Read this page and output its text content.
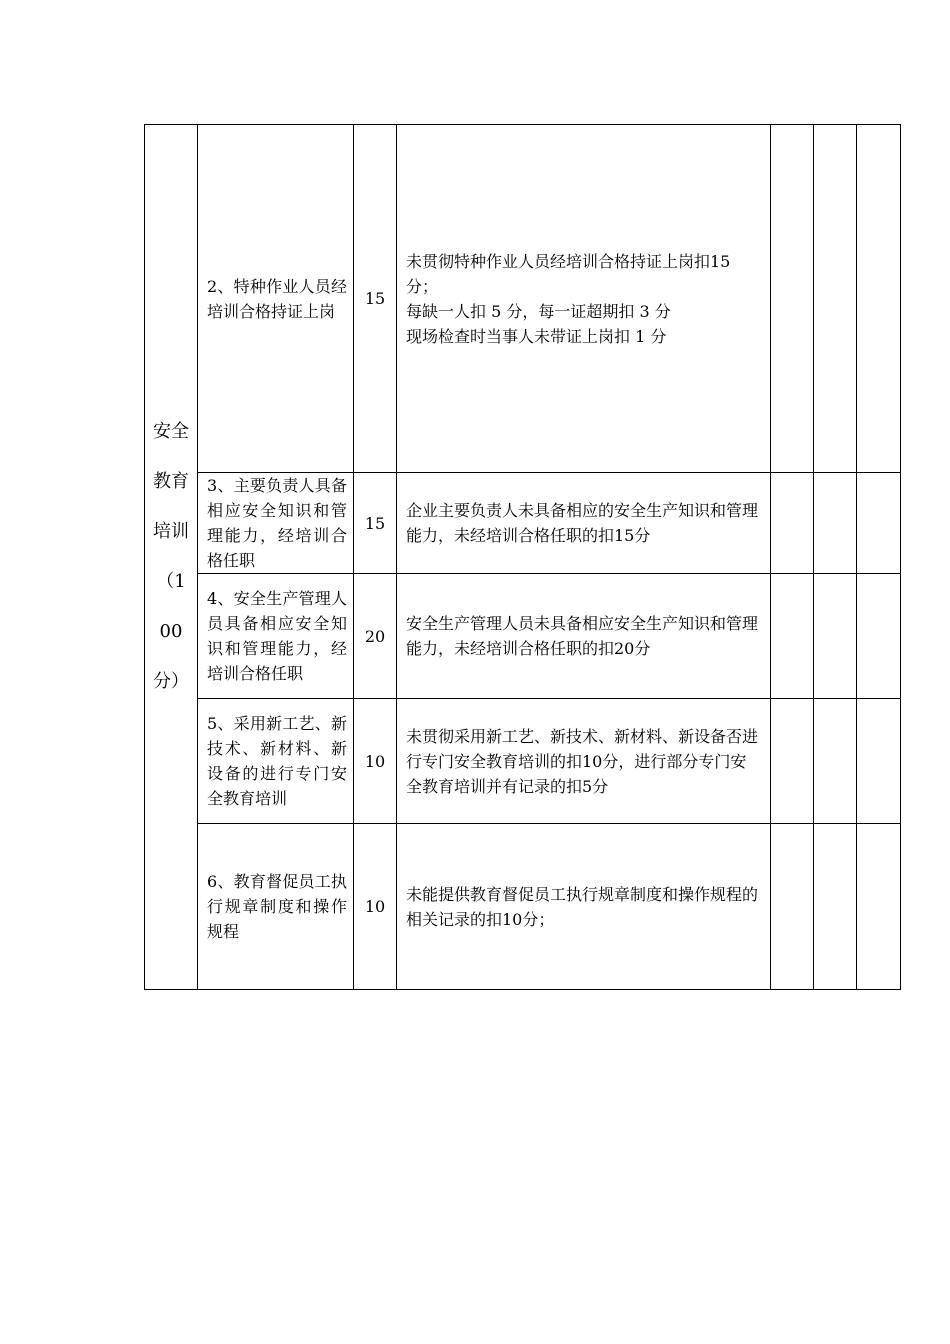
安全教育培训（100分）	2、特种作业人员经培训合格持证上岗	15	未贯彻特种作业人员经培训合格持证上岗扣15分；
每缺一人扣 5 分，每一证超期扣 3 分
现场检查时当事人未带证上岗扣 1 分			

	3、主要负责人具备相应安全知识和管理能力，经培训合格任职	15	企业主要负责人未具备相应的安全生产知识和管理能力，未经培训合格任职的扣15分			

	4、安全生产管理人员具备相应安全知识和管理能力，经培训合格任职	20	安全生产管理人员未具备相应安全生产知识和管理能力，未经培训合格任职的扣20分			

	5、采用新工艺、新技术、新材料、新设备的进行专门安全教育培训	10	未贯彻采用新工艺、新技术、新材料、新设备否进行专门安全教育培训的扣10分，进行部分专门安全教育培训并有记录的扣5分			

	6、教育督促员工执行规章制度和操作规程	10	未能提供教育督促员工执行规章制度和操作规程的相关记录的扣10分；			
